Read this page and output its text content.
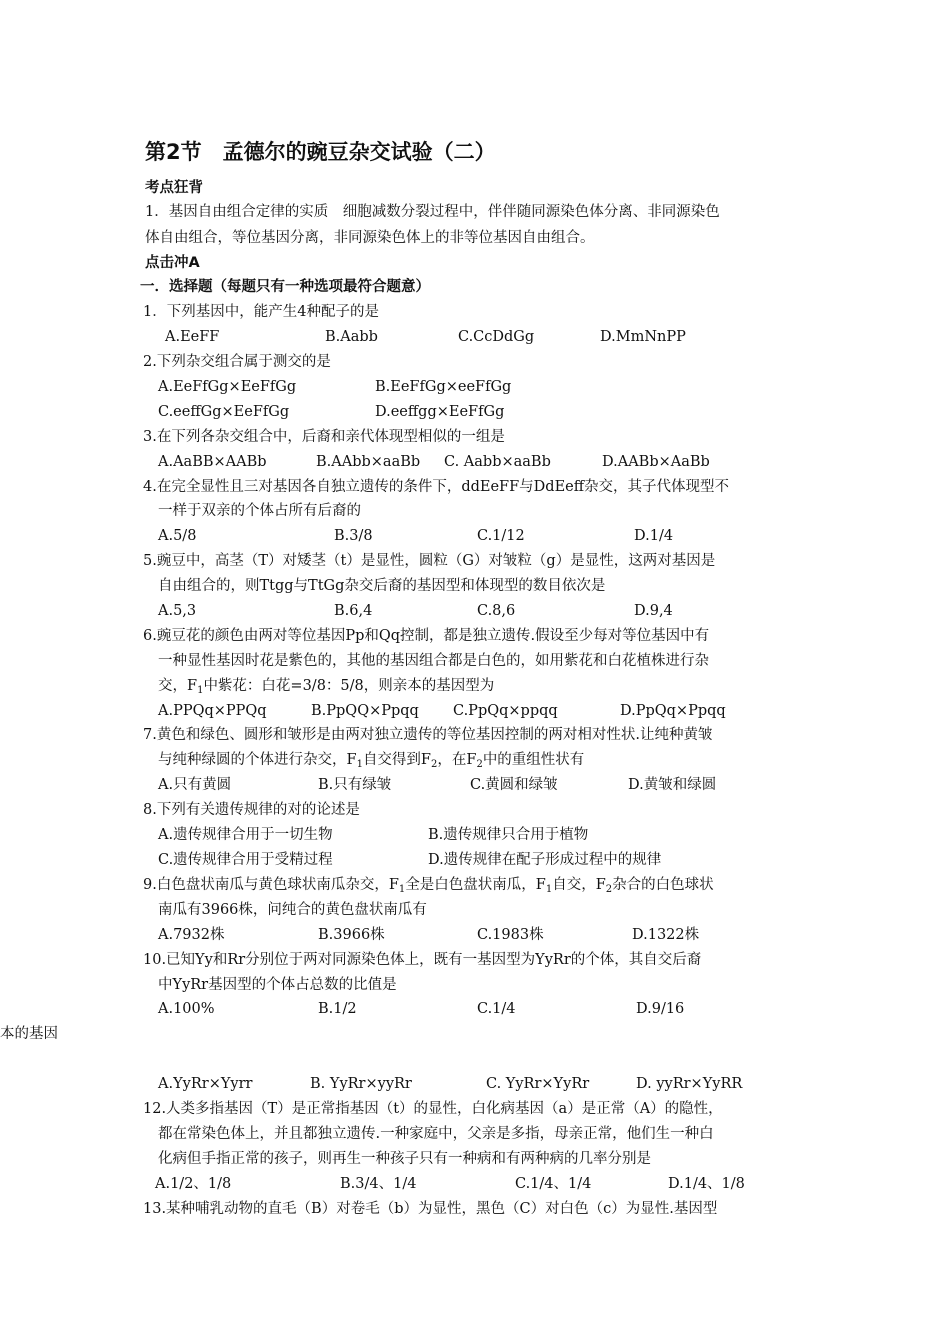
第2节　孟德尔的豌豆杂交试验（二）
考点狂背
1．基因自由组合定律的实质　细胞减数分裂过程中，伴伴随同源染色体分离、非同源染色
体自由组合，等位基因分离，非同源染色体上的非等位基因自由组合。
点击冲A
一．选择题（每题只有一种选项最符合题意）
1．下列基因中，能产生4种配子的是
A.EeFF	B.Aabb	C.CcDdGg	D.MmNnPP
2.下列杂交组合属于测交的是
A.EeFfGg×EeFfGg	B.EeFfGg×eeFfGg
C.eeffGg×EeFfGg	D.eeffgg×EeFfGg
3.在下列各杂交组合中，后裔和亲代体现型相似的一组是
A.AaBB×AABb	B.AAbb×aaBb C. Aabb×aaBb	D.AABb×AaBb
4.在完全显性且三对基因各自独立遗传的条件下，ddEeFF与DdEeff杂交，其子代体现型不
一样于双亲的个体占所有后裔的
A.5/8	B.3/8	C.1/12	D.1/4
5.豌豆中，高茎（T）对矮茎（t）是显性，圆粒（G）对皱粒（g）是显性，这两对基因是
自由组合的，则Ttgg与TtGg杂交后裔的基因型和体现型的数目依次是
A.5,3	B.6,4	C.8,6	D.9,4
6.豌豆花的颜色由两对等位基因Pp和Qq控制，都是独立遗传.假设至少每对等位基因中有
一种显性基因时花是紫色的，其他的基因组合都是白色的，如用紫花和白花植株进行杂
交，$F_1$中紫花：白花=3/8：5/8，则亲本的基因型为
A.PPQq×PPQq	B.PpQQ×Ppqq C.PpQq×ppqq	D.PpQq×Ppqq
7.黄色和绿色、圆形和皱形是由两对独立遗传的等位基因控制的两对相对性状.让纯种黄皱
与纯种绿圆的个体进行杂交，$F_1$自交得到$F_2$，在$F_2$中的重组性状有
A.只有黄圆	B.只有绿皱	C.黄圆和绿皱	D.黄皱和绿圆
8.下列有关遗传规律的对的论述是
A.遗传规律合用于一切生物	B.遗传规律只合用于植物
C.遗传规律合用于受精过程	D.遗传规律在配子形成过程中的规律
9.白色盘状南瓜与黄色球状南瓜杂交，$F_1$全是白色盘状南瓜，$F_1$自交，$F_2$杂合的白色球状
南瓜有3966株，问纯合的黄色盘状南瓜有
A.7932株	B.3966株	C.1983株	D.1322株
10.已知Yy和Rr分别位于两对同源染色体上，既有一基因型为YyRr的个体，其自交后裔
中YyRr基因型的个体占总数的比值是
A.100%	B.1/2	C.1/4	D.9/16
本的基因
A.YyRr×Yyrr	B. YyRr×yyRr	C. YyRr×YyRr	D. yyRr×YyRR
12.人类多指基因（T）是正常指基因（t）的显性，白化病基因（a）是正常（A）的隐性，
都在常染色体上，并且都独立遗传.一种家庭中，父亲是多指，母亲正常，他们生一种白
化病但手指正常的孩子，则再生一种孩子只有一种病和有两种病的几率分别是
A.1/2、1/8	B.3/4、1/4	C.1/4、1/4	D.1/4、1/8
13.某种哺乳动物的直毛（B）对卷毛（b）为显性，黑色（C）对白色（c）为显性.基因型
